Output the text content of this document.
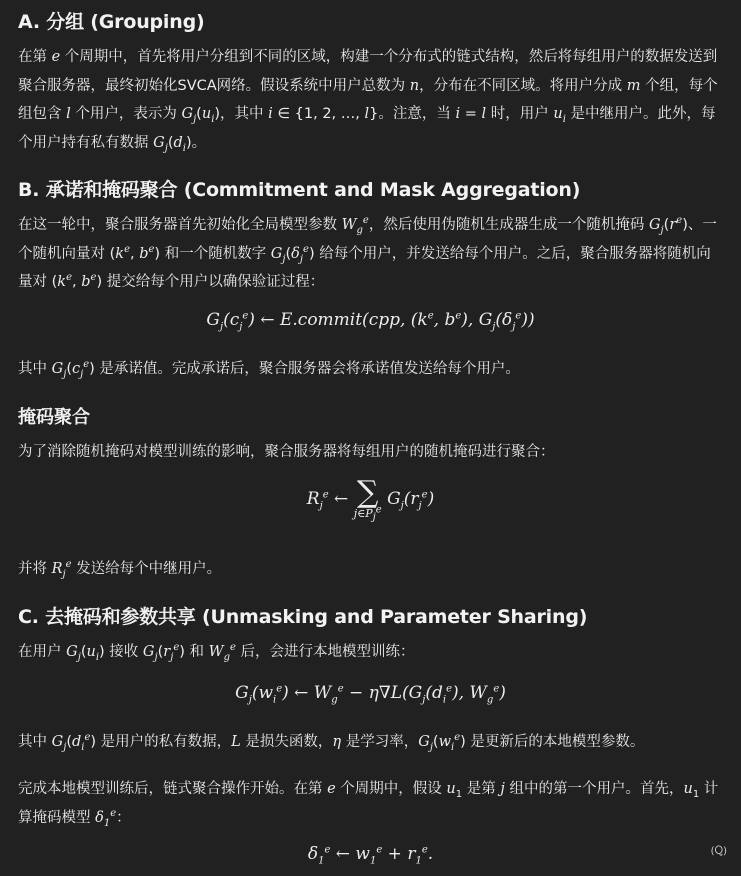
A. 分组 (Grouping)

在第 e 个周期中，首先将用户分组到不同的区域，构建一个分布式的链式结构，然后将每组用户的数据发送到聚合服务器，最终初始化SVCA网络。假设系统中用户总数为 n，分布在不同区域。将用户分成 m 个组，每个组包含 l 个用户，表示为 $G_j(u_i)$，其中 i ∈ {1, 2, …, l}。注意，当 i = l 时，用户 $u_i$ 是中继用户。此外，每个用户持有私有数据 $G_j(d_i)$。

B. 承诺和掩码聚合 (Commitment and Mask Aggregation)

在这一轮中，聚合服务器首先初始化全局模型参数 $W_g^e$，然后使用伪随机生成器生成一个随机掩码 $G_j(r^e)$、一个随机向量对 ($k^e$, $b^e$) 和一个随机数字 $G_j(\delta_j^e)$ 给每个用户，并发送给每个用户。之后，聚合服务器将随机向量对 ($k^e$, $b^e$) 提交给每个用户以确保验证过程：

$G_j(c_j^e)$ ← E.commit(cpp, ($k^e$, $b^e$), $G_j(\delta_j^e)$)

其中 $G_j(c_j^e)$ 是承诺值。完成承诺后，聚合服务器会将承诺值发送给每个用户。

掩码聚合

为了消除随机掩码对模型训练的影响，聚合服务器将每组用户的随机掩码进行聚合：

$R_j^e$ ← ∑
$j\in P_j^e$
$G_j(r_j^e)$

并将 $R_j^e$ 发送给每个中继用户。

C. 去掩码和参数共享 (Unmasking and Parameter Sharing)

在用户 $G_j(u_i)$ 接收 $G_j(r_j^e)$ 和 $W_g^e$ 后，会进行本地模型训练：

$G_j(w_i^e)$ ← $W_g^e - \eta\nabla L(G_j(d_i^e)$, $W_g^e$)

其中 $G_j(d_i^e)$ 是用户的私有数据，L 是损失函数，η 是学习率，$G_j(w_i^e)$ 是更新后的本地模型参数。

完成本地模型训练后，链式聚合操作开始。在第 e 个周期中，假设 $u_1$ 是第 j 组中的第一个用户。首先，$u_1$ 计算掩码模型 $\delta_1^e$：

$\delta_1^e$ ← $w_1^e + r_1^e$.	(Ⴍ)
